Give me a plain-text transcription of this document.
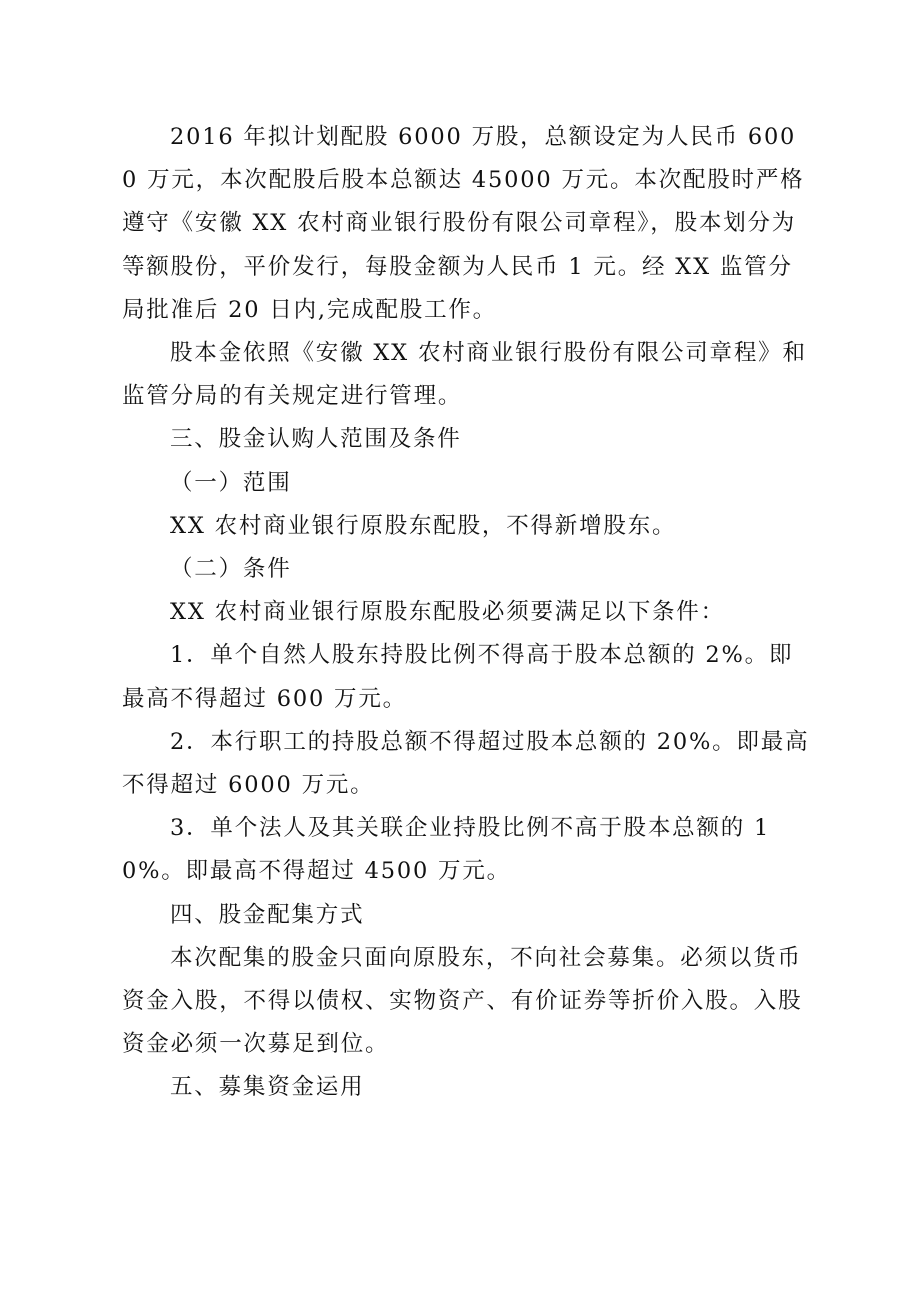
2016 年拟计划配股 6000 万股，总额设定为人民币 6000 万元，本次配股后股本总额达 45000 万元。本次配股时严格遵守《安徽 XX 农村商业银行股份有限公司章程》，股本划分为等额股份，平价发行，每股金额为人民币 1 元。经 XX 监管分局批准后 20 日内,完成配股工作。

股本金依照《安徽 XX 农村商业银行股份有限公司章程》和监管分局的有关规定进行管理。

三、股金认购人范围及条件

（一）范围

XX 农村商业银行原股东配股，不得新增股东。

（二）条件

XX 农村商业银行原股东配股必须要满足以下条件：

1．单个自然人股东持股比例不得高于股本总额的 2%。即最高不得超过 600 万元。

2．本行职工的持股总额不得超过股本总额的 20%。即最高不得超过 6000 万元。

3．单个法人及其关联企业持股比例不高于股本总额的 10%。即最高不得超过 4500 万元。

四、股金配集方式

本次配集的股金只面向原股东，不向社会募集。必须以货币资金入股，不得以债权、实物资产、有价证券等折价入股。入股资金必须一次募足到位。

五、募集资金运用
